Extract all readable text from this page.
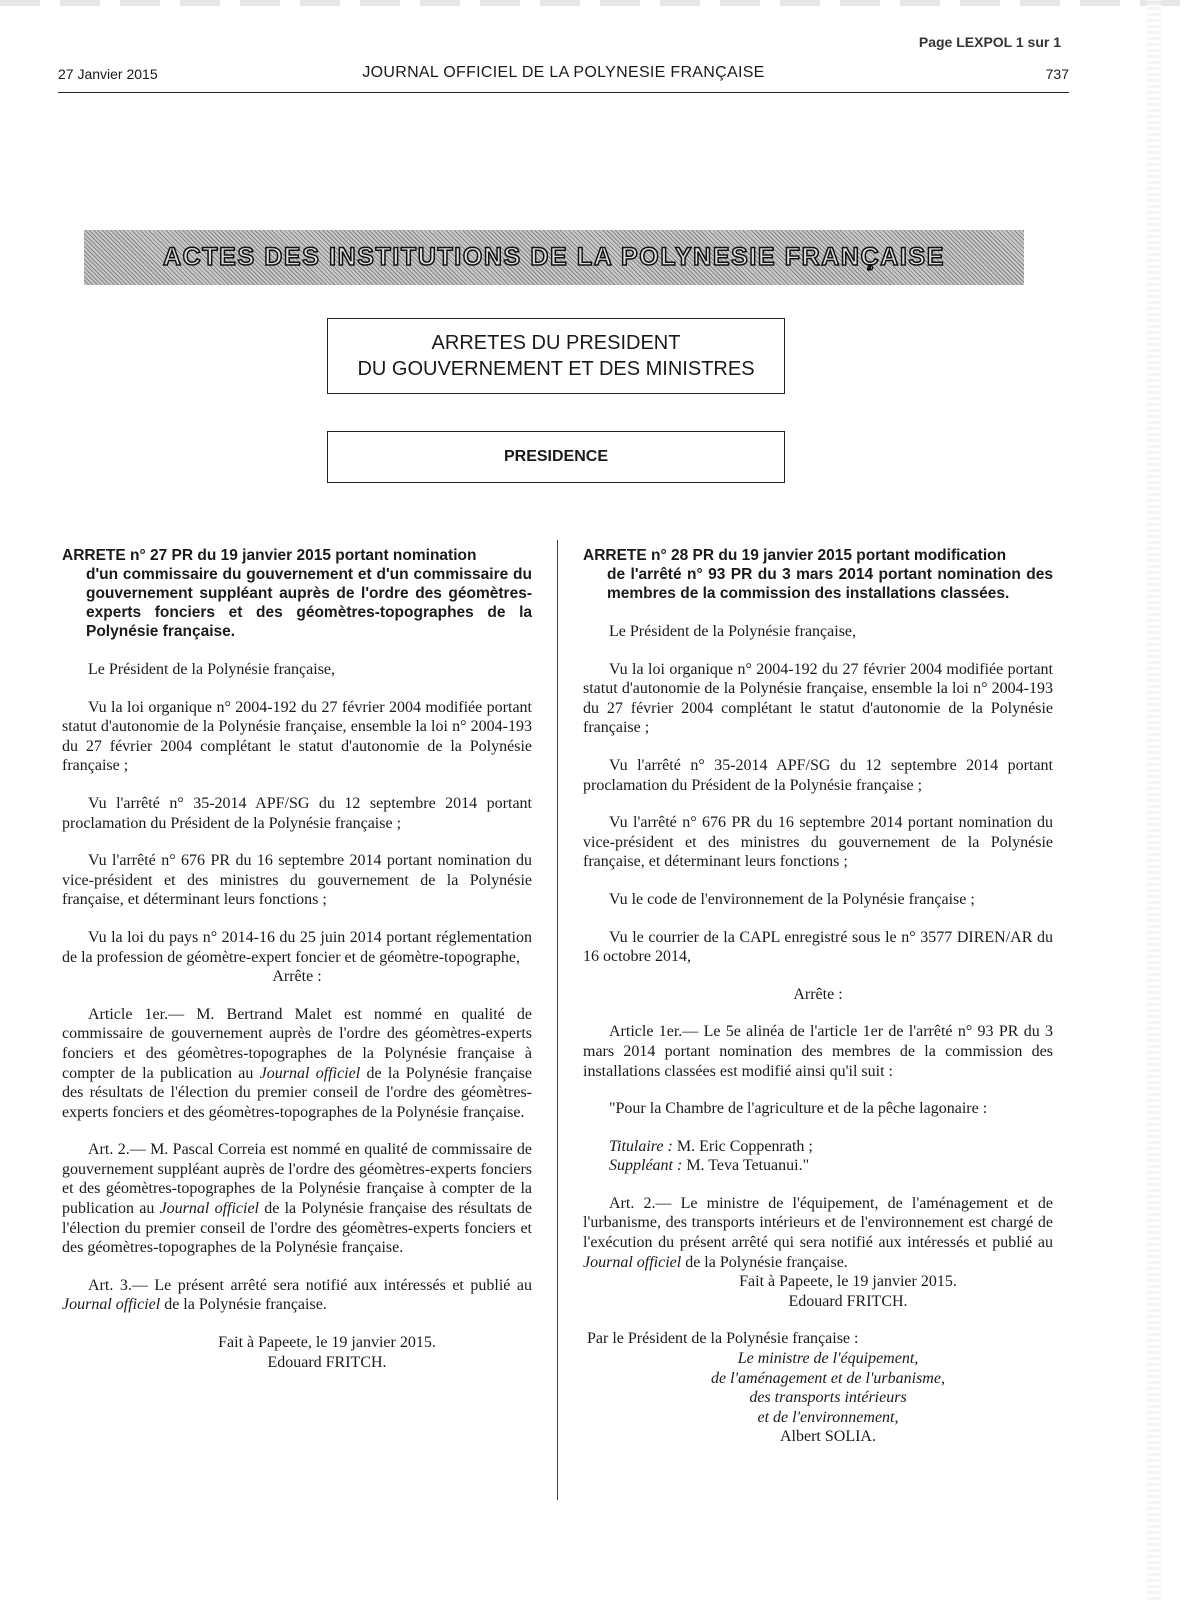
Page LEXPOL 1 sur 1
27 Janvier 2015	JOURNAL OFFICIEL DE LA POLYNESIE FRANÇAISE	737
ACTES DES INSTITUTIONS DE LA POLYNESIE FRANÇAISE
ARRETES DU PRESIDENT
DU GOUVERNEMENT ET DES MINISTRES
PRESIDENCE
ARRETE n° 27 PR du 19 janvier 2015 portant nomination
d'un commissaire du gouvernement et d'un commissaire du gouvernement suppléant auprès de l'ordre des géomètres-experts fonciers et des géomètres-topographes de la Polynésie française.

Le Président de la Polynésie française,

Vu la loi organique n° 2004-192 du 27 février 2004 modifiée portant statut d'autonomie de la Polynésie française, ensemble la loi n° 2004-193 du 27 février 2004 complétant le statut d'autonomie de la Polynésie française ;

Vu l'arrêté n° 35-2014 APF/SG du 12 septembre 2014 portant proclamation du Président de la Polynésie française ;

Vu l'arrêté n° 676 PR du 16 septembre 2014 portant nomination du vice-président et des ministres du gouvernement de la Polynésie française, et déterminant leurs fonctions ;

Vu la loi du pays n° 2014-16 du 25 juin 2014 portant réglementation de la profession de géomètre-expert foncier et de géomètre-topographe,

Arrête :

Article 1er.— M. Bertrand Malet est nommé en qualité de commissaire de gouvernement auprès de l'ordre des géomètres-experts fonciers et des géomètres-topographes de la Polynésie française à compter de la publication au Journal officiel de la Polynésie française des résultats de l'élection du premier conseil de l'ordre des géomètres-experts fonciers et des géomètres-topographes de la Polynésie française.

Art. 2.— M. Pascal Correia est nommé en qualité de commissaire de gouvernement suppléant auprès de l'ordre des géomètres-experts fonciers et des géomètres-topographes de la Polynésie française à compter de la publication au Journal officiel de la Polynésie française des résultats de l'élection du premier conseil de l'ordre des géomètres-experts fonciers et des géomètres-topographes de la Polynésie française.

Art. 3.— Le présent arrêté sera notifié aux intéressés et publié au Journal officiel de la Polynésie française.

Fait à Papeete, le 19 janvier 2015.

Edouard FRITCH.

ARRETE n° 28 PR du 19 janvier 2015 portant modification
de l'arrêté n° 93 PR du 3 mars 2014 portant nomination des membres de la commission des installations classées.

Le Président de la Polynésie française,

Vu la loi organique n° 2004-192 du 27 février 2004 modifiée portant statut d'autonomie de la Polynésie française, ensemble la loi n° 2004-193 du 27 février 2004 complétant le statut d'autonomie de la Polynésie française ;

Vu l'arrêté n° 35-2014 APF/SG du 12 septembre 2014 portant proclamation du Président de la Polynésie française ;

Vu l'arrêté n° 676 PR du 16 septembre 2014 portant nomination du vice-président et des ministres du gouvernement de la Polynésie française, et déterminant leurs fonctions ;

Vu le code de l'environnement de la Polynésie française ;

Vu le courrier de la CAPL enregistré sous le n° 3577 DIREN/AR du 16 octobre 2014,

Arrête :

Article 1er.— Le 5e alinéa de l'article 1er de l'arrêté n° 93 PR du 3 mars 2014 portant nomination des membres de la commission des installations classées est modifié ainsi qu'il suit :

"Pour la Chambre de l'agriculture et de la pêche lagonaire :

Titulaire : M. Eric Coppenrath ;

Suppléant : M. Teva Tetuanui."

Art. 2.— Le ministre de l'équipement, de l'aménagement et de l'urbanisme, des transports intérieurs et de l'environnement est chargé de l'exécution du présent arrêté qui sera notifié aux intéressés et publié au Journal officiel de la Polynésie française.

Fait à Papeete, le 19 janvier 2015.

Edouard FRITCH.

Par le Président de la Polynésie française :

Le ministre de l'équipement,

de l'aménagement et de l'urbanisme,

des transports intérieurs

et de l'environnement,

Albert SOLIA.
